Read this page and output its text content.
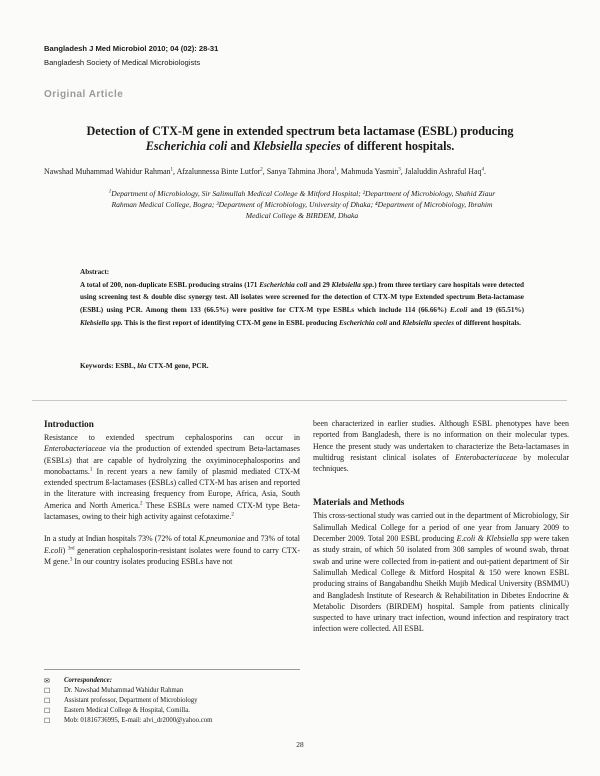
Bangladesh J Med Microbiol 2010; 04 (02): 28-31
Bangladesh Society of Medical Microbiologists
Original Article
Detection of CTX-M gene in extended spectrum beta lactamase (ESBL) producing
Escherichia coli and Klebsiella species of different hospitals.
Nawshad Muhammad Wahidur Rahman$^1$, Afzalunnessa Binte Lutfor$^2$, Sanya Tahmina Jhora$^1$, Mahmuda Yasmin$^3$, Jalaluddin Ashraful Haq$^4$.
$^1$Department of Microbiology, Sir Salimullah Medical College & Mitford Hospital; ²Department of Microbiology, Shahid Ziaur
Rahman Medical College, Bogra; ³Department of Microbiology, University of Dhaka; ⁴Department of Microbiology, Ibrahim
Medical College & BIRDEM, Dhaka
Abstract:
A total of 200, non-duplicate ESBL producing strains (171 Escherichia coli and 29 Klebsiella spp.) from three tertiary care hospitals were detected using screening test & double disc synergy test. All isolates were screened for the detection of CTX-M type Extended spectrum Beta-lactamase (ESBL) using PCR. Among them 133 (66.5%) were positive for CTX-M type ESBLs which include 114 (66.66%) E.coli and 19 (65.51%) Klebsiella spp. This is the first report of identifying CTX-M gene in ESBL producing Escherichia coli and Klebsiella species of different hospitals.
Keywords: ESBL, bla CTX-M gene, PCR.
Introduction

Resistance to extended spectrum cephalosporins can occur in Enterobacteriaceae via the production of extended spectrum Beta-lactamases (ESBLs) that are capable of hydrolyzing the oxyiminocephalosporins and monobactams.$^1$ In recent years a new family of plasmid mediated CTX-M extended spectrum ß-lactamases (ESBLs) called CTX-M has arisen and reported in the literature with increasing frequency from Europe, Africa, Asia, South America and North America.$^2$ These ESBLs were named CTX-M type Beta-lactamases, owing to their high activity against cefotaxime.$^2$

In a study at Indian hospitals 73% (72% of total K.pneumoniae and 73% of total E.coli) $^{3rd}$ generation cephalosporin-resistant isolates were found to carry CTX-M gene.$^3$ In our country isolates producing ESBLs have not

✉	Correspondence:
☐	Dr. Nawshad Muhammad Wahidur Rahman
☐	Assistant professor, Department of Microbiology
☐	Eastern Medical College & Hospital, Comilla.
☐	Mob: 01816736995, E-mail: alvi_dr2000@yahoo.com

been characterized in earlier studies. Although ESBL phenotypes have been reported from Bangladesh, there is no information on their molecular types. Hence the present study was undertaken to characterize the Beta-lactamases in multidrug resistant clinical isolates of Enterobacteriaceae by molecular techniques.

Materials and Methods

This cross-sectional study was carried out in the department of Microbiology, Sir Salimullah Medical College for a period of one year from January 2009 to December 2009. Total 200 ESBL producing E.coli & Klebsiella spp were taken as study strain, of which 50 isolated from 308 samples of wound swab, throat swab and urine were collected from in-patient and out-patient department of Sir Salimullah Medical College & Mitford Hospital & 150 were known ESBL producing strains of Bangabandhu Sheikh Mujib Medical University (BSMMU) and Bangladesh Institute of Research & Rehabilitation in Dibetes Endocrine & Metabolic Disorders (BIRDEM) hospital. Sample from patients clinically suspected to have urinary tract infection, wound infection and respiratory tract infection were collected. All ESBL

28
